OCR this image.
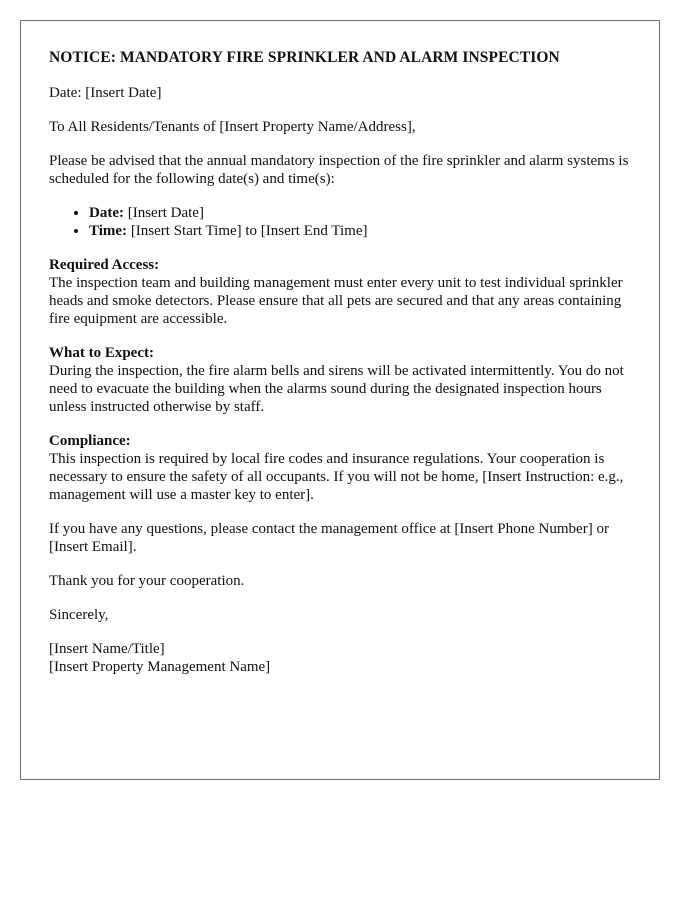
NOTICE: MANDATORY FIRE SPRINKLER AND ALARM INSPECTION

Date: [Insert Date]

To All Residents/Tenants of [Insert Property Name/Address],

Please be advised that the annual mandatory inspection of the fire sprinkler and alarm systems is scheduled for the following date(s) and time(s):

• Date: [Insert Date]
• Time: [Insert Start Time] to [Insert End Time]

Required Access:
The inspection team and building management must enter every unit to test individual sprinkler heads and smoke detectors. Please ensure that all pets are secured and that any areas containing fire equipment are accessible.

What to Expect:
During the inspection, the fire alarm bells and sirens will be activated intermittently. You do not need to evacuate the building when the alarms sound during the designated inspection hours unless instructed otherwise by staff.

Compliance:
This inspection is required by local fire codes and insurance regulations. Your cooperation is necessary to ensure the safety of all occupants. If you will not be home, [Insert Instruction: e.g., management will use a master key to enter].

If you have any questions, please contact the management office at [Insert Phone Number] or [Insert Email].

Thank you for your cooperation.

Sincerely,

[Insert Name/Title]
[Insert Property Management Name]
